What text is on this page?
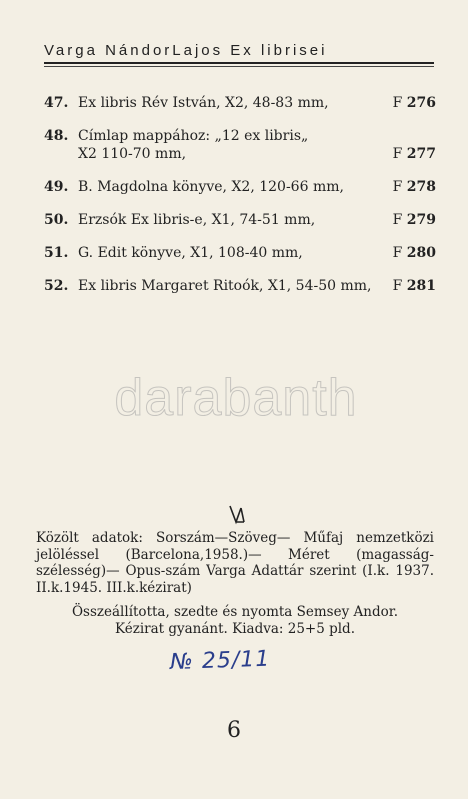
Varga NándorLajos Ex librisei
47. Ex libris Rév István, X2, 48-83 mm,	F 276
48. Címlap mappához: „12 ex libris„
X2 110-70 mm,	F 277
49. B. Magdolna könyve, X2, 120-66 mm,	F 278
50. Erzsók Ex libris-e, X1, 74-51 mm,	F 279
51. G. Edit könyve, X1, 108-40 mm,	F 280
52. Ex libris Margaret Ritoók, X1, 54-50 mm, F 281
darabanth
Közölt adatok: Sorszám—Szöveg— Műfaj nemzetközi jelöléssel (Barcelona,1958.)— Méret (magasság-szélesség)— Opus-szám Varga Adattár szerint (I.k. 1937. II.k.1945. III.k.kézirat)
Összeállította, szedte és nyomta Semsey Andor.
Kézirat gyanánt. Kiadva: 25+5 pld.
№ 25/11
6
